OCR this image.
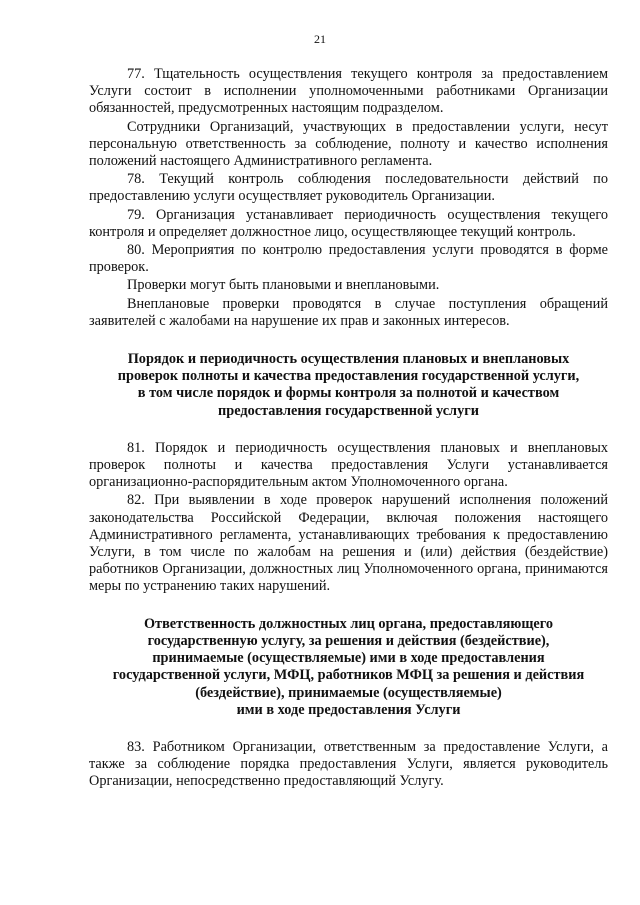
21

77. Тщательность осуществления текущего контроля за предоставлением Услуги состоит в исполнении уполномоченными работниками Организации обязанностей, предусмотренных настоящим подразделом.

Сотрудники Организаций, участвующих в предоставлении услуги, несут персональную ответственность за соблюдение, полноту и качество исполнения положений настоящего Административного регламента.

78. Текущий контроль соблюдения последовательности действий по предоставлению услуги осуществляет руководитель Организации.

79. Организация устанавливает периодичность осуществления текущего контроля и определяет должностное лицо, осуществляющее текущий контроль.

80. Мероприятия по контролю предоставления услуги проводятся в форме проверок.

Проверки могут быть плановыми и внеплановыми.

Внеплановые проверки проводятся в случае поступления обращений заявителей с жалобами на нарушение их прав и законных интересов.

Порядок и периодичность осуществления плановых и внеплановых
проверок полноты и качества предоставления государственной услуги,
в том числе порядок и формы контроля за полнотой и качеством
предоставления государственной услуги

81. Порядок и периодичность осуществления плановых и внеплановых проверок полноты и качества предоставления Услуги устанавливается организационно-распорядительным актом Уполномоченного органа.

82. При выявлении в ходе проверок нарушений исполнения положений законодательства Российской Федерации, включая положения настоящего Административного регламента, устанавливающих требования к предоставлению Услуги, в том числе по жалобам на решения и (или) действия (бездействие) работников Организации, должностных лиц Уполномоченного органа, принимаются меры по устранению таких нарушений.

Ответственность должностных лиц органа, предоставляющего
государственную услугу, за решения и действия (бездействие),
принимаемые (осуществляемые) ими в ходе предоставления
государственной услуги, МФЦ, работников МФЦ за решения и действия
(бездействие), принимаемые (осуществляемые)
ими в ходе предоставления Услуги

83. Работником Организации, ответственным за предоставление Услуги, а также за соблюдение порядка предоставления Услуги, является руководитель Организации, непосредственно предоставляющий Услугу.
